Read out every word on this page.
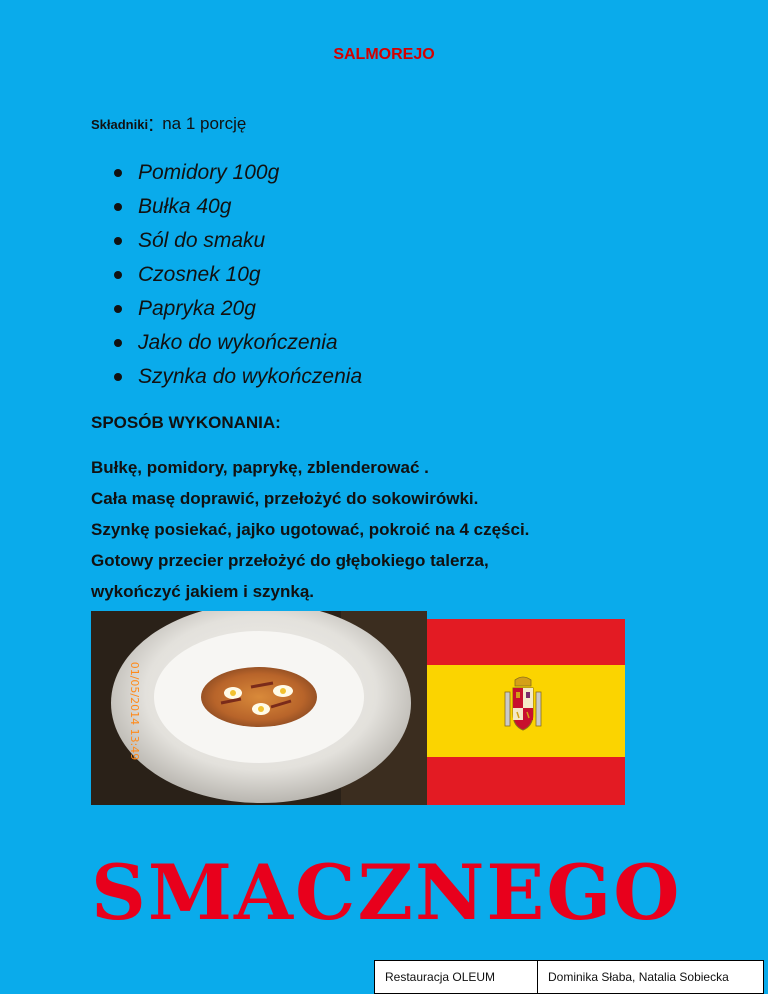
SALMOREJO
Składniki: na 1 porcję
Pomidory 100g
Bułka 40g
Sól do smaku
Czosnek 10g
Papryka 20g
Jako do wykończenia
Szynka do wykończenia
SPOSÓB WYKONANIA:
Bułkę, pomidory, paprykę, zblenderować .
Cała masę doprawić, przełożyć do sokowirówki.
Szynkę posiekać, jajko ugotować, pokroić na 4 części.
Gotowy przecier przełożyć do głębokiego talerza,
wykończyć jakiem i szynką.
01/05/2014 13:49
SMACZNEGO
Restauracja OLEUM	Dominika Słaba, Natalia Sobiecka
